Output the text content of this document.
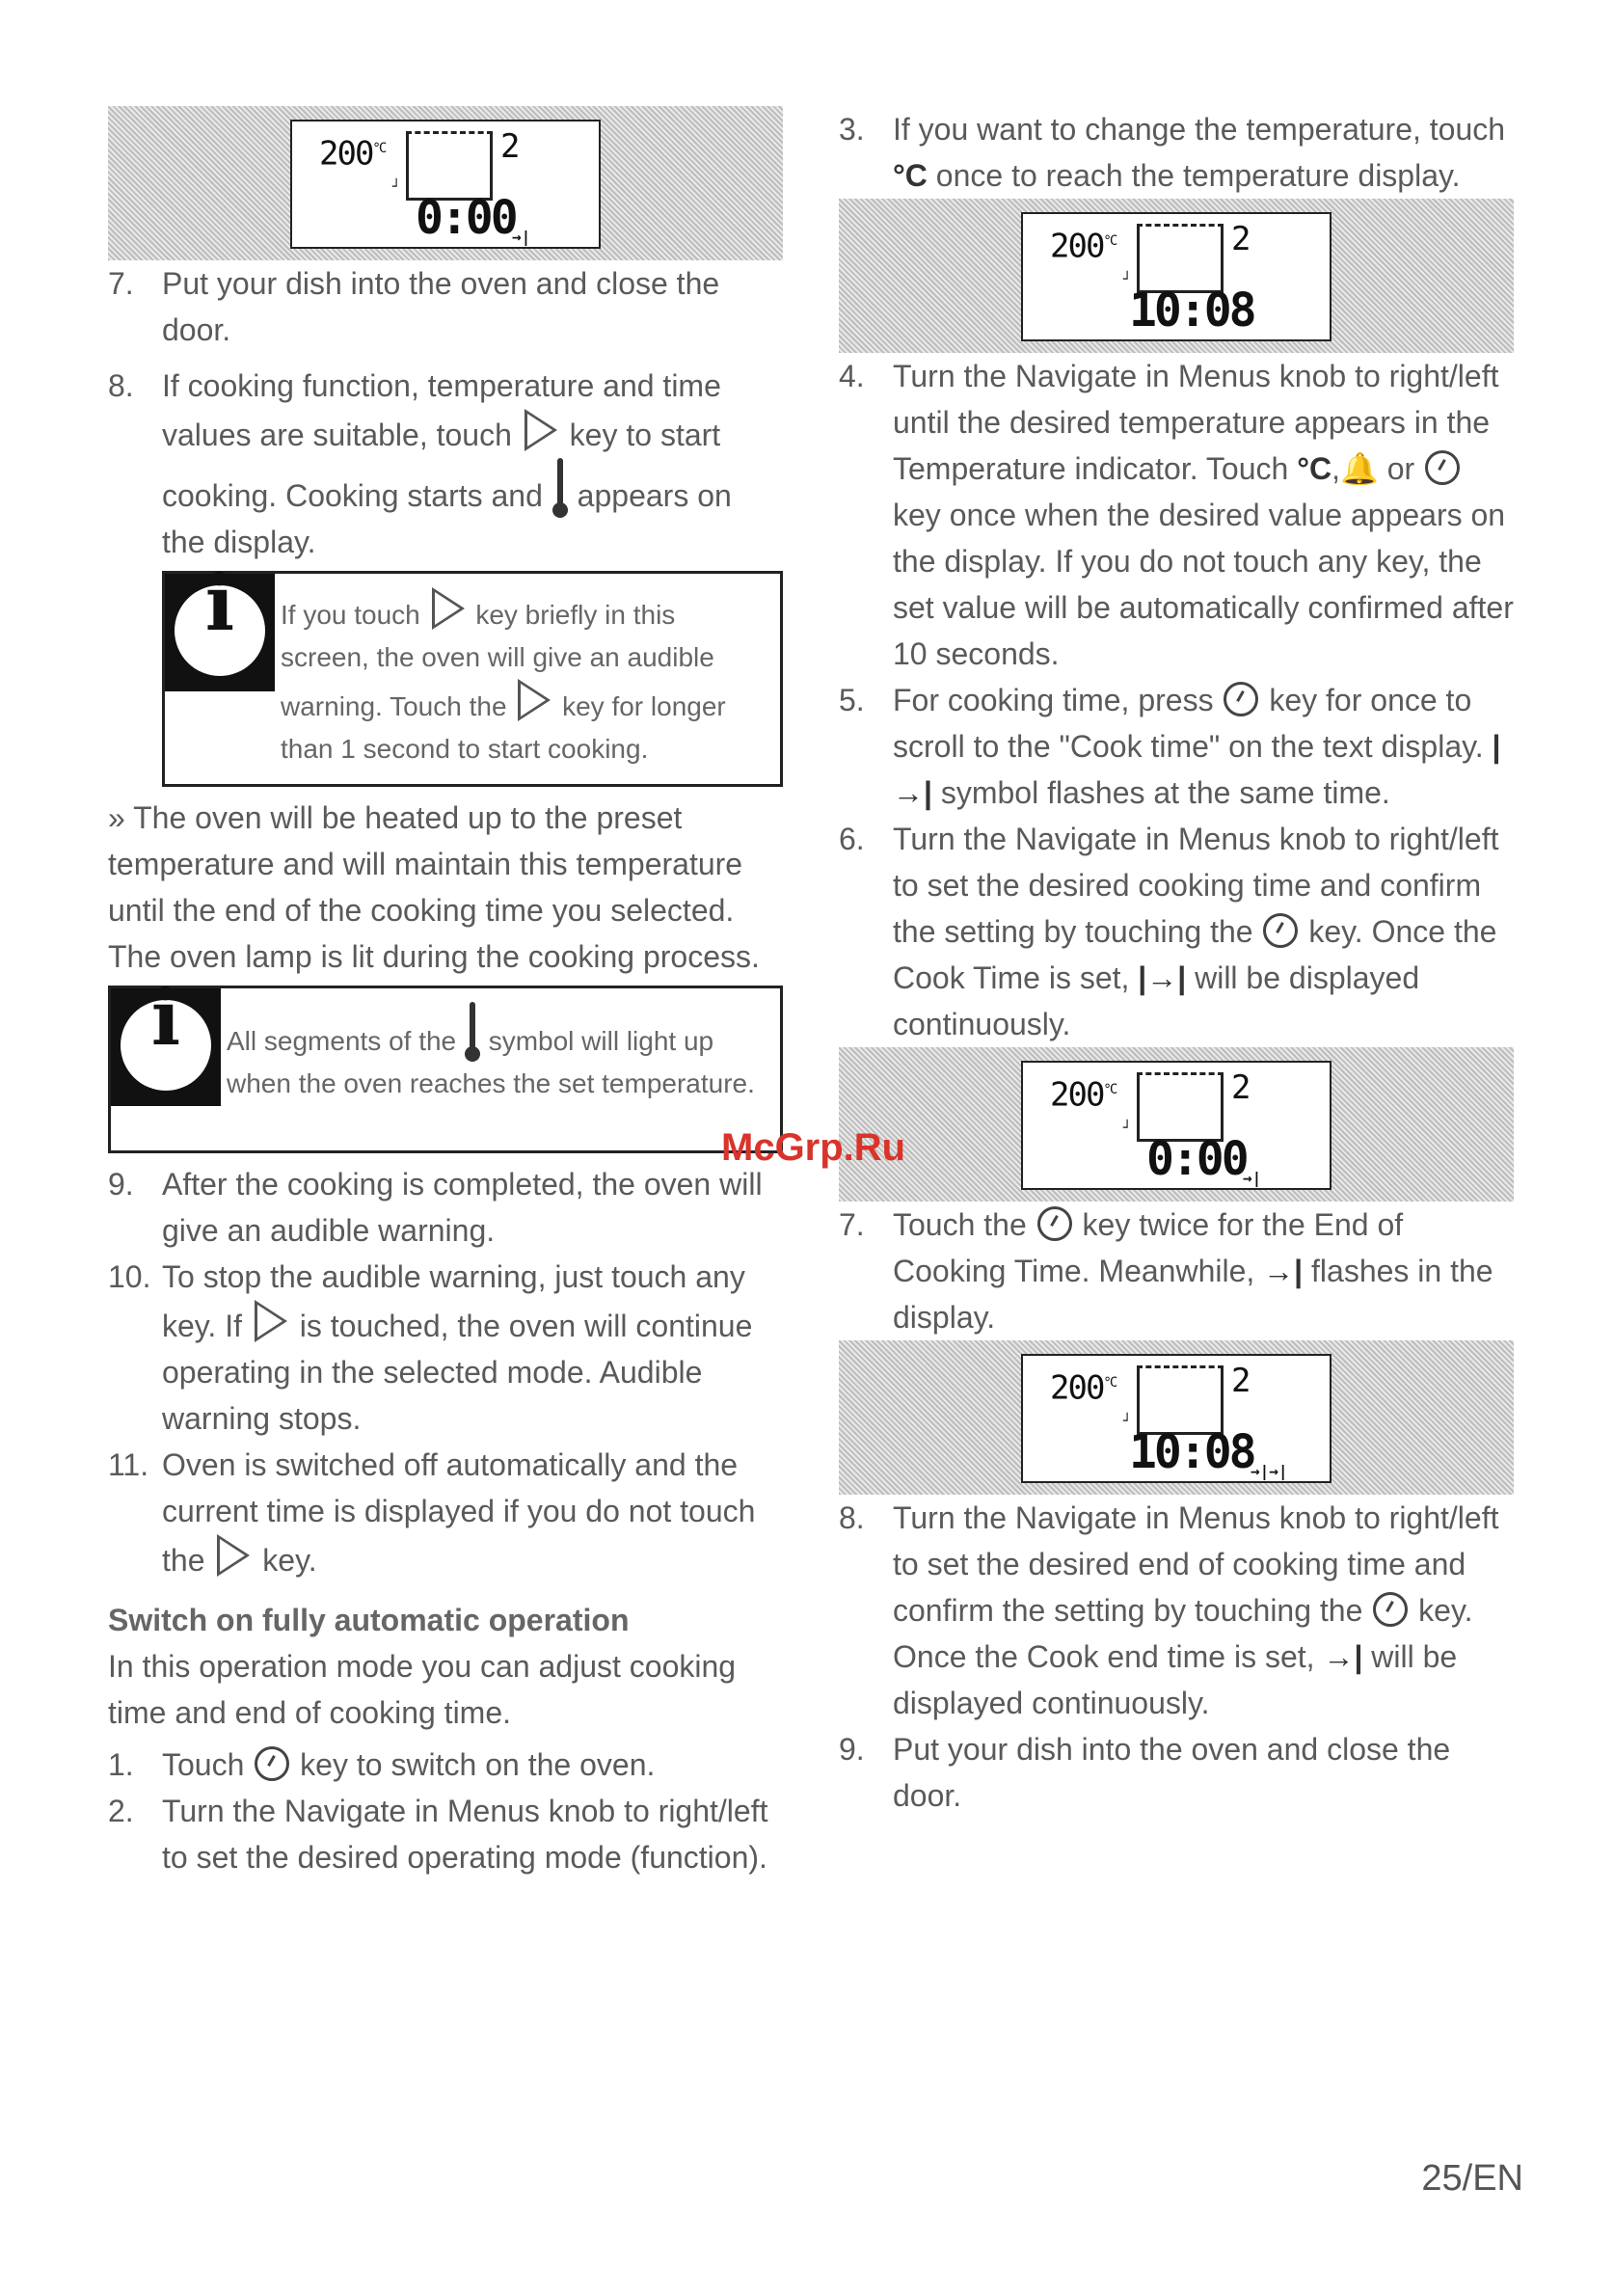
$200^{^\circ C}$
┘
2
0:00
→|
7. Put your dish into the oven and close the door.
8. If cooking function, temperature and time values are suitable, touch key to start cooking. Cooking starts and appears on the display.
i
If you touch key briefly in this screen, the oven will give an audible warning. Touch the key for longer than 1 second to start cooking.

» The oven will be heated up to the preset temperature and will maintain this temperature until the end of the cooking time you selected. The oven lamp is lit during the cooking process.

i
All segments of the symbol will light up when the oven reaches the set temperature.
9. After the cooking is completed, the oven will give an audible warning.
10. To stop the audible warning, just touch any key. If is touched, the oven will continue operating in the selected mode. Audible warning stops.
11. Oven is switched off automatically and the current time is displayed if you do not touch the key.
Switch on fully automatic operation

In this operation mode you can adjust cooking time and end of cooking time.

1. Touch key to switch on the oven.
2. Turn the Navigate in Menus knob to right/left to set the desired operating mode (function).
3. If you want to change the temperature, touch °C once to reach the temperature display.
$200^{^\circ C}$
┘
2
10:08
4. Turn the Navigate in Menus knob to right/left until the desired temperature appears in the Temperature indicator. Touch °C,🔔 or  key once when the desired value appears on the display. If you do not touch any key, the set value will be automatically confirmed after 10 seconds.
5. For cooking time, press key for once to scroll to the "Cook time" on the text display. |→| symbol flashes at the same time.
6. Turn the Navigate in Menus knob to right/left to set the desired cooking time and confirm the setting by touching the key. Once the Cook Time is set, |→| will be displayed continuously.
$200^{^\circ C}$
┘
2
0:00
→|
7. Touch the key twice for the End of Cooking Time. Meanwhile, →| flashes in the display.
$200^{^\circ C}$
┘
2
10:08
→|→|
8. Turn the Navigate in Menus knob to right/left to set the desired end of cooking time and confirm the setting by touching the key. Once the Cook end time is set, →| will be displayed continuously.
9. Put your dish into the oven and close the door.
McGrp.Ru
25/EN
